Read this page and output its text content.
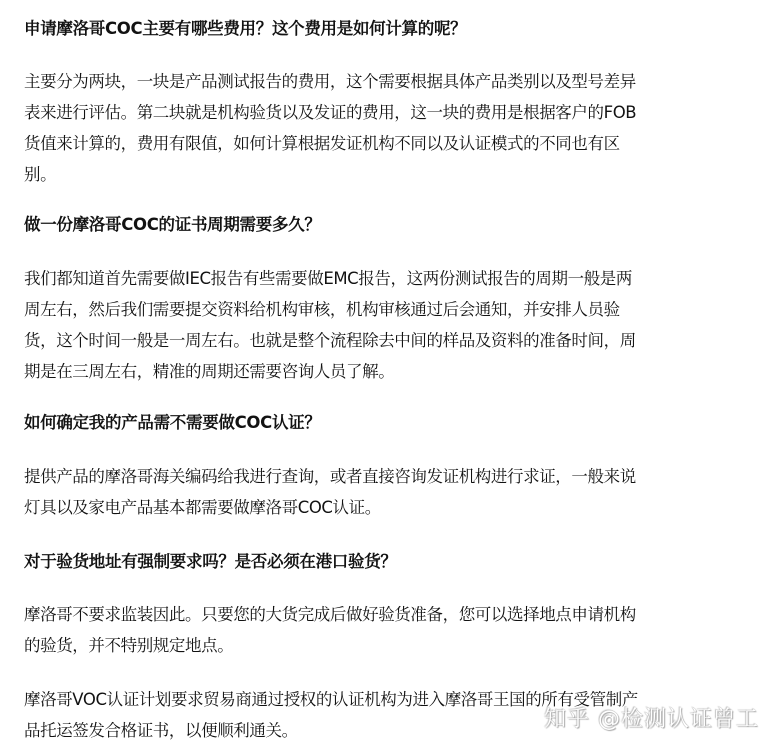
申请摩洛哥COC主要有哪些费用？这个费用是如何计算的呢？

主要分为两块，一块是产品测试报告的费用，这个需要根据具体产品类别以及型号差异
表来进行评估。第二块就是机构验货以及发证的费用，这一块的费用是根据客户的FOB
货值来计算的，费用有限值，如何计算根据发证机构不同以及认证模式的不同也有区
别。

做一份摩洛哥COC的证书周期需要多久？

我们都知道首先需要做IEC报告有些需要做EMC报告，这两份测试报告的周期一般是两
周左右，然后我们需要提交资料给机构审核，机构审核通过后会通知，并安排人员验
货，这个时间一般是一周左右。也就是整个流程除去中间的样品及资料的准备时间，周
期是在三周左右，精准的周期还需要咨询人员了解。

如何确定我的产品需不需要做COC认证？

提供产品的摩洛哥海关编码给我进行查询，或者直接咨询发证机构进行求证，一般来说
灯具以及家电产品基本都需要做摩洛哥COC认证。

对于验货地址有强制要求吗？是否必须在港口验货？

摩洛哥不要求监装因此。只要您的大货完成后做好验货准备，您可以选择地点申请机构
的验货，并不特别规定地点。

摩洛哥VOC认证计划要求贸易商通过授权的认证机构为进入摩洛哥王国的所有受管制产
品托运签发合格证书，以便顺利通关。	知乎 @检测认证曾工
